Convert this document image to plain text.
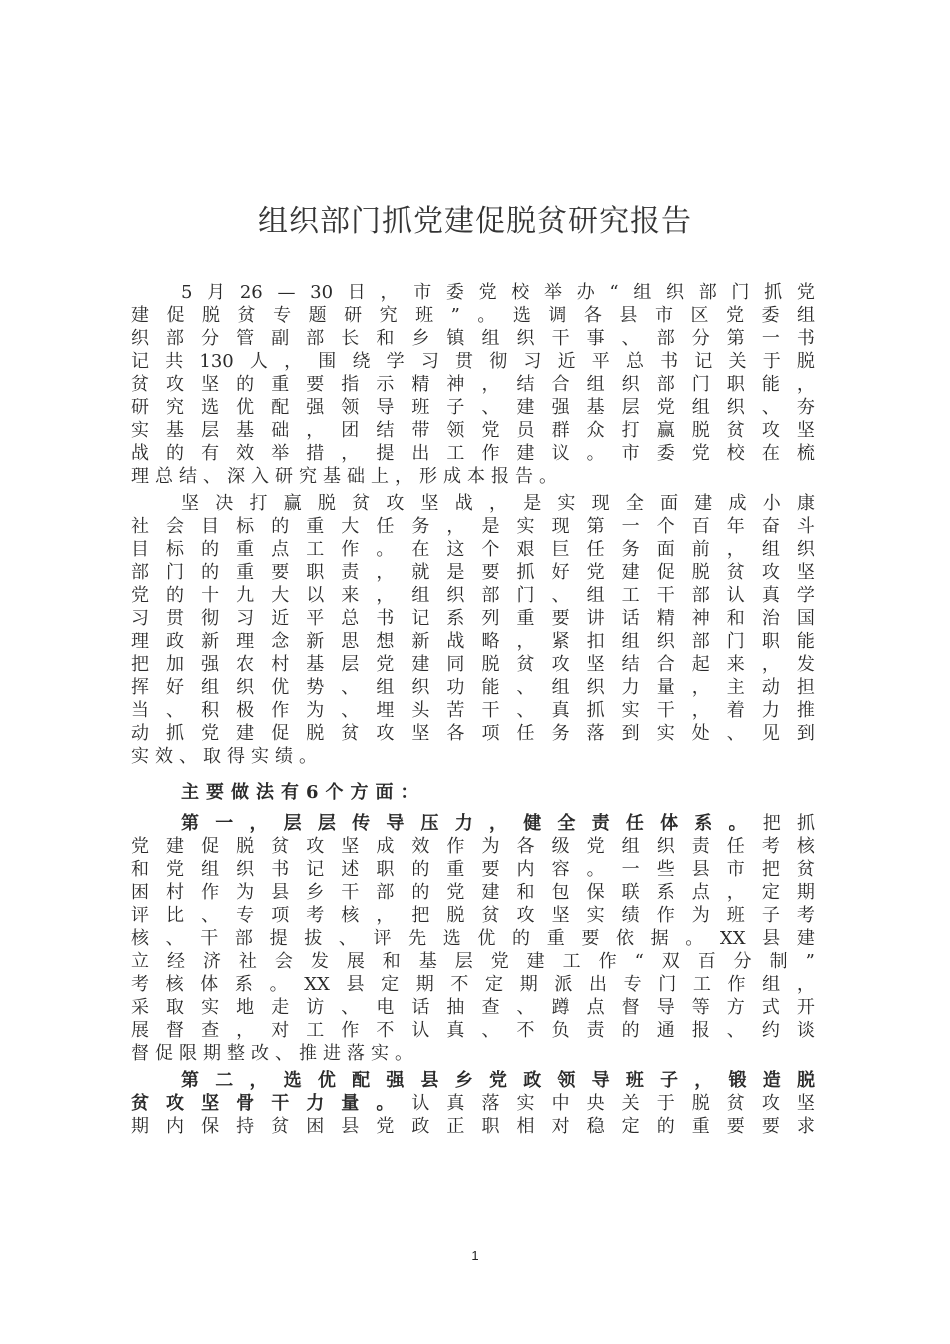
组织部门抓党建促脱贫研究报告
5 月 26 — 30 日 ， 市 委 党 校 举 办 “ 组 织 部 门 抓 党
建 促 脱 贫 专 题 研 究 班 ” 。 选 调 各 县 市 区 党 委 组
织 部 分 管 副 部 长 和 乡 镇 组 织 干 事 、 部 分 第 一 书
记 共 130 人 ， 围 绕 学 习 贯 彻 习 近 平 总 书 记 关 于 脱
贫 攻 坚 的 重 要 指 示 精 神 ， 结 合 组 织 部 门 职 能 ，
研 究 选 优 配 强 领 导 班 子 、 建 强 基 层 党 组 织 、 夯
实 基 层 基 础 ， 团 结 带 领 党 员 群 众 打 赢 脱 贫 攻 坚
战 的 有 效 举 措 ， 提 出 工 作 建 议 。 市 委 党 校 在 梳
理总结、深入研究基础上，形成本报告。
坚 决 打 赢 脱 贫 攻 坚 战 ， 是 实 现 全 面 建 成 小 康
社 会 目 标 的 重 大 任 务 ， 是 实 现 第 一 个 百 年 奋 斗
目 标 的 重 点 工 作 。 在 这 个 艰 巨 任 务 面 前 ， 组 织
部 门 的 重 要 职 责 ， 就 是 要 抓 好 党 建 促 脱 贫 攻 坚
党 的 十 九 大 以 来 ， 组 织 部 门 、 组 工 干 部 认 真 学
习 贯 彻 习 近 平 总 书 记 系 列 重 要 讲 话 精 神 和 治 国
理 政 新 理 念 新 思 想 新 战 略 ， 紧 扣 组 织 部 门 职 能
把 加 强 农 村 基 层 党 建 同 脱 贫 攻 坚 结 合 起 来 ， 发
挥 好 组 织 优 势 、 组 织 功 能 、 组 织 力 量 ， 主 动 担
当 、 积 极 作 为 、 埋 头 苦 干 、 真 抓 实 干 ， 着 力 推
动 抓 党 建 促 脱 贫 攻 坚 各 项 任 务 落 到 实 处 、 见 到
实效、取得实绩。
主要做法有6个方面：
第 一 ， 层 层 传 导 压 力 ， 健 全 责 任 体 系 。 把 抓
党 建 促 脱 贫 攻 坚 成 效 作 为 各 级 党 组 织 责 任 考 核
和 党 组 织 书 记 述 职 的 重 要 内 容 。 一 些 县 市 把 贫
困 村 作 为 县 乡 干 部 的 党 建 和 包 保 联 系 点 ， 定 期
评 比 、 专 项 考 核 ， 把 脱 贫 攻 坚 实 绩 作 为 班 子 考
核 、 干 部 提 拔 、 评 先 选 优 的 重 要 依 据 。 XX 县 建
立 经 济 社 会 发 展 和 基 层 党 建 工 作 “ 双 百 分 制 ”
考 核 体 系 。 XX 县 定 期 不 定 期 派 出 专 门 工 作 组 ，
采 取 实 地 走 访 、 电 话 抽 查 、 蹲 点 督 导 等 方 式 开
展 督 查 ， 对 工 作 不 认 真 、 不 负 责 的 通 报 、 约 谈
督促限期整改、推进落实。
第 二 ， 选 优 配 强 县 乡 党 政 领 导 班 子 ， 锻 造 脱
贫 攻 坚 骨 干 力 量 。 认 真 落 实 中 央 关 于 脱 贫 攻 坚
期 内 保 持 贫 困 县 党 政 正 职 相 对 稳 定 的 重 要 要 求
1
